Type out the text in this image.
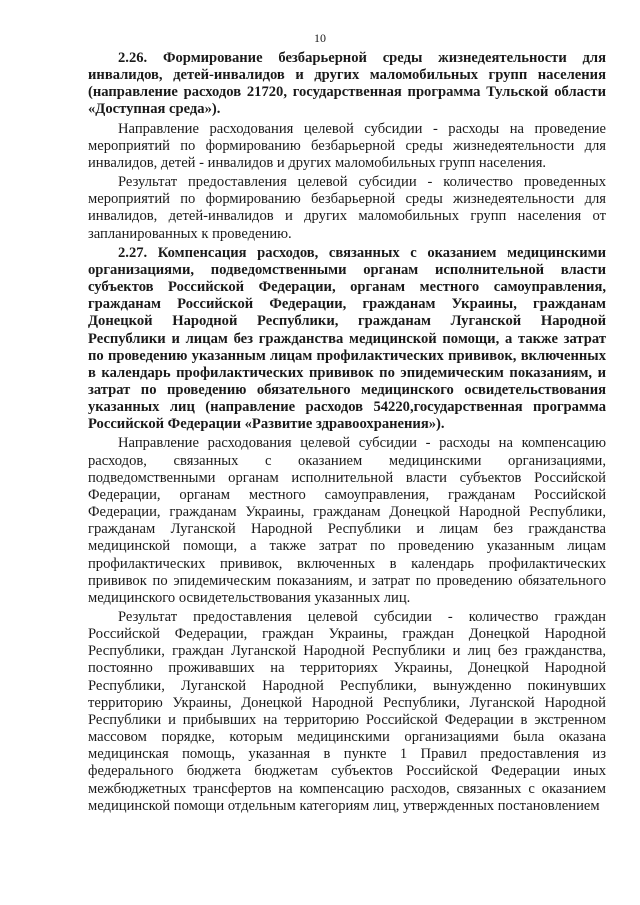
10

2.26. Формирование безбарьерной среды жизнедеятельности для инвалидов, детей-инвалидов и других маломобильных групп населения (направление расходов 21720, государственная программа Тульской области «Доступная среда»).

Направление расходования целевой субсидии - расходы на проведение мероприятий по формированию безбарьерной среды жизнедеятельности для инвалидов, детей - инвалидов и других маломобильных групп населения.

Результат предоставления целевой субсидии - количество проведенных мероприятий по формированию безбарьерной среды жизнедеятельности для инвалидов, детей-инвалидов и других маломобильных групп населения от запланированных к проведению.

2.27. Компенсация расходов, связанных с оказанием медицинскими организациями, подведомственными органам исполнительной власти субъектов Российской Федерации, органам местного самоуправления, гражданам Российской Федерации, гражданам Украины, гражданам Донецкой Народной Республики, гражданам Луганской Народной Республики и лицам без гражданства медицинской помощи, а также затрат по проведению указанным лицам профилактических прививок, включенных в календарь профилактических прививок по эпидемическим показаниям, и затрат по проведению обязательного медицинского освидетельствования указанных лиц (направление расходов 54220,государственная программа Российской Федерации «Развитие здравоохранения»).

Направление расходования целевой субсидии - расходы на компенсацию расходов, связанных с оказанием медицинскими организациями, подведомственными органам исполнительной власти субъектов Российской Федерации, органам местного самоуправления, гражданам Российской Федерации, гражданам Украины, гражданам Донецкой Народной Республики, гражданам Луганской Народной Республики и лицам без гражданства медицинской помощи, а также затрат по проведению указанным лицам профилактических прививок, включенных в календарь профилактических прививок по эпидемическим показаниям, и затрат по проведению обязательного медицинского освидетельствования указанных лиц.

Результат предоставления целевой субсидии - количество граждан Российской Федерации, граждан Украины, граждан Донецкой Народной Республики, граждан Луганской Народной Республики и лиц без гражданства, постоянно проживавших на территориях Украины, Донецкой Народной Республики, Луганской Народной Республики, вынужденно покинувших территорию Украины, Донецкой Народной Республики, Луганской Народной Республики и прибывших на территорию Российской Федерации в экстренном массовом порядке, которым медицинскими организациями была оказана медицинская помощь, указанная в пункте 1 Правил предоставления из федерального бюджета бюджетам субъектов Российской Федерации иных межбюджетных трансфертов на компенсацию расходов, связанных с оказанием медицинской помощи отдельным категориям лиц, утвержденных постановлением
